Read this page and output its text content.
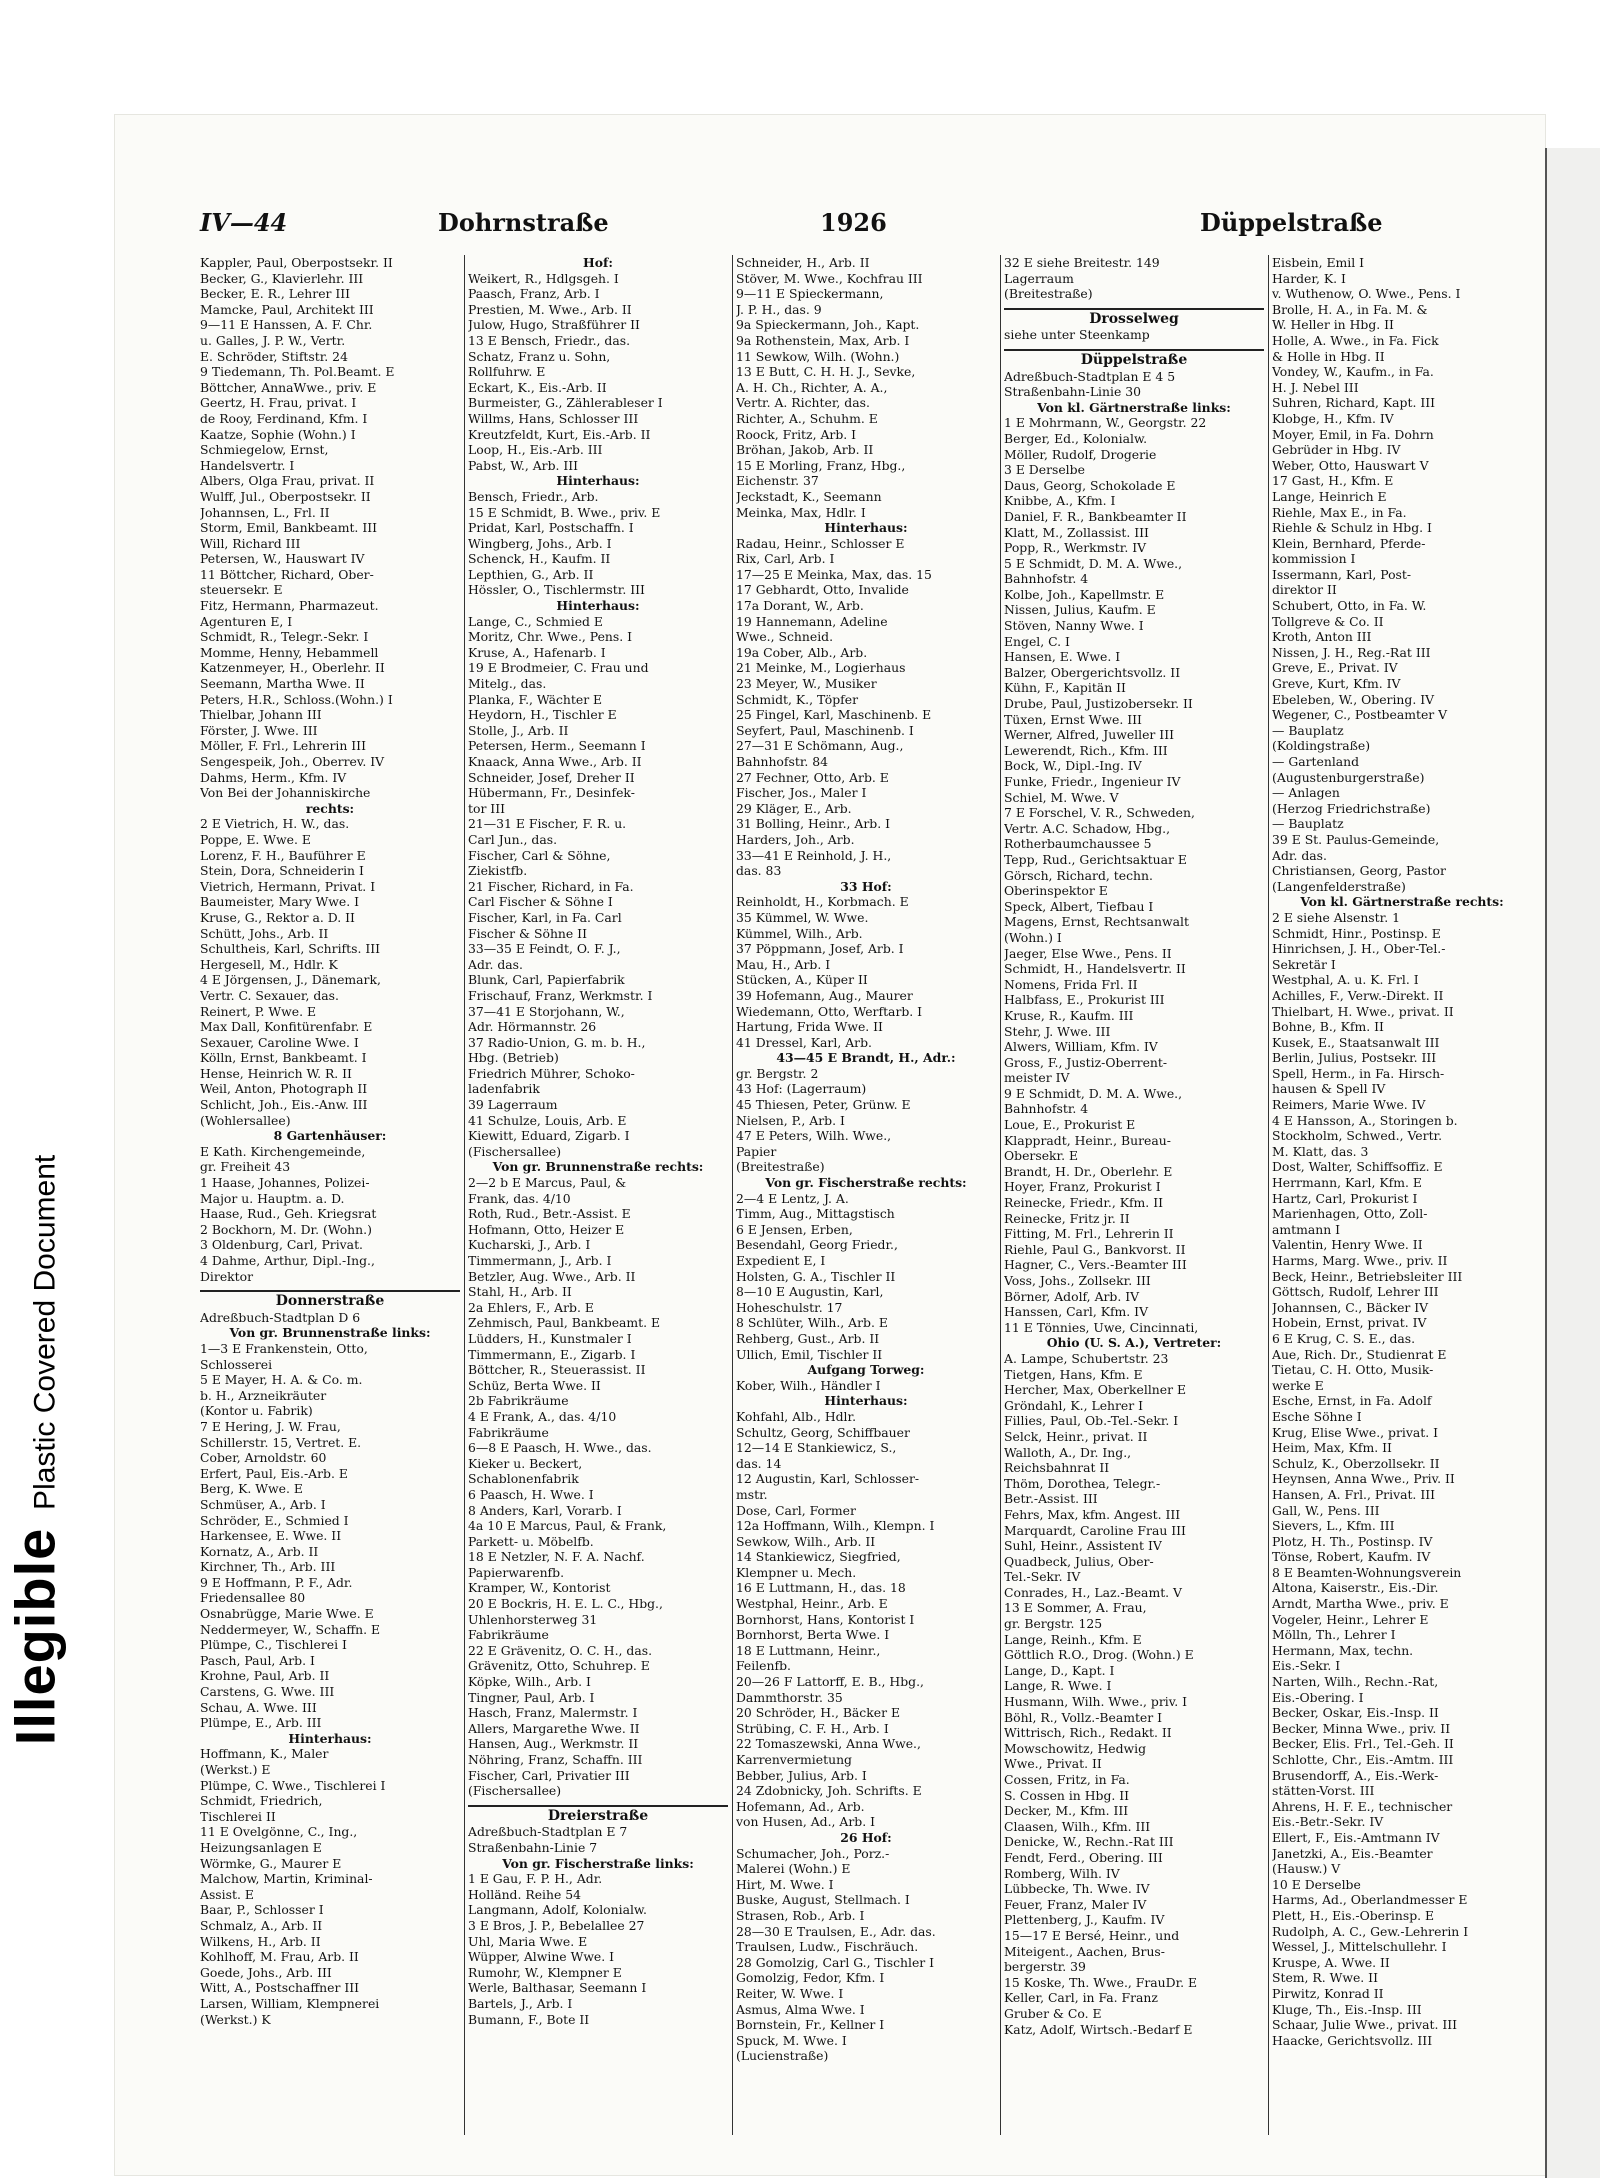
Illegible    Plastic Covered Document
IV—44	Dohrnstraße	1926	Düppelstraße
Kappler, Paul, Oberpostsekr. II
Becker, G., Klavierlehr. III
Becker, E. R., Lehrer III
Mamcke, Paul, Architekt III
9—11 E Hanssen, A. F. Chr.
u. Galles, J. P. W., Vertr.
E. Schröder, Stiftstr. 24
9 Tiedemann, Th. Pol.Beamt. E
Böttcher, AnnaWwe., priv. E
Geertz, H. Frau, privat. I
de Rooy, Ferdinand, Kfm. I
Kaatze, Sophie (Wohn.) I
Schmiegelow, Ernst,
Handelsvertr. I
Albers, Olga Frau, privat. II
Wulff, Jul., Oberpostsekr. II
Johannsen, L., Frl. II
Storm, Emil, Bankbeamt. III
Will, Richard III
Petersen, W., Hauswart IV
11 Böttcher, Richard, Ober-
steuersekr. E
Fitz, Hermann, Pharmazeut.
Agenturen E, I
Schmidt, R., Telegr.-Sekr. I
Momme, Henny, Hebammell
Katzenmeyer, H., Oberlehr. II
Seemann, Martha Wwe. II
Peters, H.R., Schloss.(Wohn.) I
Thielbar, Johann III
Förster, J. Wwe. III
Möller, F. Frl., Lehrerin III
Sengespeik, Joh., Oberrev. IV
Dahms, Herm., Kfm. IV
Von Bei der Johanniskirche
rechts:
2 E Vietrich, H. W., das.
Poppe, E. Wwe. E
Lorenz, F. H., Bauführer E
Stein, Dora, Schneiderin I
Vietrich, Hermann, Privat. I
Baumeister, Mary Wwe. I
Kruse, G., Rektor a. D. II
Schütt, Johs., Arb. II
Schultheis, Karl, Schrifts. III
Hergesell, M., Hdlr. K
4 E Jörgensen, J., Dänemark,
Vertr. C. Sexauer, das.
Reinert, P. Wwe. E
Max Dall, Konfitürenfabr. E
Sexauer, Caroline Wwe. I
Kölln, Ernst, Bankbeamt. I
Hense, Heinrich W. R. II
Weil, Anton, Photograph II
Schlicht, Joh., Eis.-Anw. III
(Wohlersallee)
8 Gartenhäuser:
E Kath. Kirchengemeinde,
gr. Freiheit 43
1 Haase, Johannes, Polizei-
Major u. Hauptm. a. D.
Haase, Rud., Geh. Kriegsrat
2 Bockhorn, M. Dr. (Wohn.)
3 Oldenburg, Carl, Privat.
4 Dahme, Arthur, Dipl.-Ing.,
Direktor
Donnerstraße
Adreßbuch-Stadtplan D 6
Von gr. Brunnenstraße links:
1—3 E Frankenstein, Otto,
Schlosserei
5 E Mayer, H. A. & Co. m.
b. H., Arzneikräuter
(Kontor u. Fabrik)
7 E Hering, J. W. Frau,
Schillerstr. 15, Vertret. E.
Cober, Arnoldstr. 60
Erfert, Paul, Eis.-Arb. E
Berg, K. Wwe. E
Schmüser, A., Arb. I
Schröder, E., Schmied I
Harkensee, E. Wwe. II
Kornatz, A., Arb. II
Kirchner, Th., Arb. III
9 E Hoffmann, P. F., Adr.
Friedensallee 80
Osnabrügge, Marie Wwe. E
Neddermeyer, W., Schaffn. E
Plümpe, C., Tischlerei I
Pasch, Paul, Arb. I
Krohne, Paul, Arb. II
Carstens, G. Wwe. III
Schau, A. Wwe. III
Plümpe, E., Arb. III
Hinterhaus:
Hoffmann, K., Maler
(Werkst.) E
Plümpe, C. Wwe., Tischlerei I
Schmidt, Friedrich,
Tischlerei II
11 E Ovelgönne, C., Ing.,
Heizungsanlagen E
Wörmke, G., Maurer E
Malchow, Martin, Kriminal-
Assist. E
Baar, P., Schlosser I
Schmalz, A., Arb. II
Wilkens, H., Arb. II
Kohlhoff, M. Frau, Arb. II
Goede, Johs., Arb. III
Witt, A., Postschaffner III
Larsen, William, Klempnerei
(Werkst.) K
Hof:
Weikert, R., Hdlgsgeh. I
Paasch, Franz, Arb. I
Prestien, M. Wwe., Arb. II
Julow, Hugo, Straßführer II
13 E Bensch, Friedr., das.
Schatz, Franz u. Sohn,
Rollfuhrw. E
Eckart, K., Eis.-Arb. II
Burmeister, G., Zählerableser I
Willms, Hans, Schlosser III
Kreutzfeldt, Kurt, Eis.-Arb. II
Loop, H., Eis.-Arb. III
Pabst, W., Arb. III
Hinterhaus:
Bensch, Friedr., Arb.
15 E Schmidt, B. Wwe., priv. E
Pridat, Karl, Postschaffn. I
Wingberg, Johs., Arb. I
Schenck, H., Kaufm. II
Lepthien, G., Arb. II
Hössler, O., Tischlermstr. III
Hinterhaus:
Lange, C., Schmied E
Moritz, Chr. Wwe., Pens. I
Kruse, A., Hafenarb. I
19 E Brodmeier, C. Frau und
Mitelg., das.
Planka, F., Wächter E
Heydorn, H., Tischler E
Stolle, J., Arb. II
Petersen, Herm., Seemann I
Knaack, Anna Wwe., Arb. II
Schneider, Josef, Dreher II
Hübermann, Fr., Desinfek-
tor III
21—31 E Fischer, F. R. u.
Carl Jun., das.
Fischer, Carl & Söhne,
Ziekistfb.
21 Fischer, Richard, in Fa.
Carl Fischer & Söhne I
Fischer, Karl, in Fa. Carl
Fischer & Söhne II
33—35 E Feindt, O. F. J.,
Adr. das.
Blunk, Carl, Papierfabrik
Frischauf, Franz, Werkmstr. I
37—41 E Storjohann, W.,
Adr. Hörmannstr. 26
37 Radio-Union, G. m. b. H.,
Hbg. (Betrieb)
Friedrich Mührer, Schoko-
ladenfabrik
39 Lagerraum
41 Schulze, Louis, Arb. E
Kiewitt, Eduard, Zigarb. I
(Fischersallee)
Von gr. Brunnenstraße rechts:
2—2 b E Marcus, Paul, &
Frank, das. 4/10
Roth, Rud., Betr.-Assist. E
Hofmann, Otto, Heizer E
Kucharski, J., Arb. I
Timmermann, J., Arb. I
Betzler, Aug. Wwe., Arb. II
Stahl, H., Arb. II
2a Ehlers, F., Arb. E
Zehmisch, Paul, Bankbeamt. E
Lüdders, H., Kunstmaler I
Timmermann, E., Zigarb. I
Böttcher, R., Steuerassist. II
Schüz, Berta Wwe. II
2b Fabrikräume
4 E Frank, A., das. 4/10
Fabrikräume
6—8 E Paasch, H. Wwe., das.
Kieker u. Beckert,
Schablonenfabrik
6 Paasch, H. Wwe. I
8 Anders, Karl, Vorarb. I
4a 10 E Marcus, Paul, & Frank,
Parkett- u. Möbelfb.
18 E Netzler, N. F. A. Nachf.
Papierwarenfb.
Kramper, W., Kontorist
20 E Bockris, H. E. L. C., Hbg.,
Uhlenhorsterweg 31
Fabrikräume
22 E Grävenitz, O. C. H., das.
Grävenitz, Otto, Schuhrep. E
Köpke, Wilh., Arb. I
Tingner, Paul, Arb. I
Hasch, Franz, Malermstr. I
Allers, Margarethe Wwe. II
Hansen, Aug., Werkmstr. II
Nöhring, Franz, Schaffn. III
Fischer, Carl, Privatier III
(Fischersallee)
Dreierstraße
Adreßbuch-Stadtplan E 7
Straßenbahn-Linie 7
Von gr. Fischerstraße links:
1 E Gau, F. P. H., Adr.
Holländ. Reihe 54
Langmann, Adolf, Kolonialw.
3 E Bros, J. P., Bebelallee 27
Uhl, Maria Wwe. E
Wüpper, Alwine Wwe. I
Rumohr, W., Klempner E
Werle, Balthasar, Seemann I
Bartels, J., Arb. I
Bumann, F., Bote II
Schneider, H., Arb. II
Stöver, M. Wwe., Kochfrau III
9—11 E Spieckermann,
J. P. H., das. 9
9a Spieckermann, Joh., Kapt.
9a Rothenstein, Max, Arb. I
11 Sewkow, Wilh. (Wohn.)
13 E Butt, C. H. H. J., Sevke,
A. H. Ch., Richter, A. A.,
Vertr. A. Richter, das.
Richter, A., Schuhm. E
Roock, Fritz, Arb. I
Bröhan, Jakob, Arb. II
15 E Morling, Franz, Hbg.,
Eichenstr. 37
Jeckstadt, K., Seemann
Meinka, Max, Hdlr. I
Hinterhaus:
Radau, Heinr., Schlosser E
Rix, Carl, Arb. I
17—25 E Meinka, Max, das. 15
17 Gebhardt, Otto, Invalide
17a Dorant, W., Arb.
19 Hannemann, Adeline
Wwe., Schneid.
19a Cober, Alb., Arb.
21 Meinke, M., Logierhaus
23 Meyer, W., Musiker
Schmidt, K., Töpfer
25 Fingel, Karl, Maschinenb. E
Seyfert, Paul, Maschinenb. I
27—31 E Schömann, Aug.,
Bahnhofstr. 84
27 Fechner, Otto, Arb. E
Fischer, Jos., Maler I
29 Kläger, E., Arb.
31 Bolling, Heinr., Arb. I
Harders, Joh., Arb.
33—41 E Reinhold, J. H.,
das. 83
33 Hof:
Reinholdt, H., Korbmach. E
35 Kümmel, W. Wwe.
Kümmel, Wilh., Arb.
37 Pöppmann, Josef, Arb. I
Mau, H., Arb. I
Stücken, A., Küper II
39 Hofemann, Aug., Maurer
Wiedemann, Otto, Werftarb. I
Hartung, Frida Wwe. II
41 Dressel, Karl, Arb.
43—45 E Brandt, H., Adr.:
gr. Bergstr. 2
43 Hof: (Lagerraum)
45 Thiesen, Peter, Grünw. E
Nielsen, P., Arb. I
47 E Peters, Wilh. Wwe.,
Papier
(Breitestraße)
Von gr. Fischerstraße rechts:
2—4 E Lentz, J. A.
Timm, Aug., Mittagstisch
6 E Jensen, Erben,
Besendahl, Georg Friedr.,
Expedient E, I
Holsten, G. A., Tischler II
8—10 E Augustin, Karl,
Hoheschulstr. 17
8 Schlüter, Wilh., Arb. E
Rehberg, Gust., Arb. II
Ullich, Emil, Tischler II
Aufgang Torweg:
Kober, Wilh., Händler I
Hinterhaus:
Kohfahl, Alb., Hdlr.
Schultz, Georg, Schiffbauer
12—14 E Stankiewicz, S.,
das. 14
12 Augustin, Karl, Schlosser-
mstr.
Dose, Carl, Former
12a Hoffmann, Wilh., Klempn. I
Sewkow, Wilh., Arb. II
14 Stankiewicz, Siegfried,
Klempner u. Mech.
16 E Luttmann, H., das. 18
Westphal, Heinr., Arb. E
Bornhorst, Hans, Kontorist I
Bornhorst, Berta Wwe. I
18 E Luttmann, Heinr.,
Feilenfb.
20—26 F Lattorff, E. B., Hbg.,
Dammthorstr. 35
20 Schröder, H., Bäcker E
Strübing, C. F. H., Arb. I
22 Tomaszewski, Anna Wwe.,
Karrenvermietung
Bebber, Julius, Arb. I
24 Zdobnicky, Joh. Schrifts. E
Hofemann, Ad., Arb.
von Husen, Ad., Arb. I
26 Hof:
Schumacher, Joh., Porz.-
Malerei (Wohn.) E
Hirt, M. Wwe. I
Buske, August, Stellmach. I
Strasen, Rob., Arb. I
28—30 E Traulsen, E., Adr. das.
Traulsen, Ludw., Fischräuch.
28 Gomolzig, Carl G., Tischler I
Gomolzig, Fedor, Kfm. I
Reiter, W. Wwe. I
Asmus, Alma Wwe. I
Bornstein, Fr., Kellner I
Spuck, M. Wwe. I
(Lucienstraße)
32 E siehe Breitestr. 149
Lagerraum
(Breitestraße)
Drosselweg
siehe unter Steenkamp
Düppelstraße
Adreßbuch-Stadtplan E 4 5
Straßenbahn-Linie 30
Von kl. Gärtnerstraße links:
1 E Mohrmann, W., Georgstr. 22
Berger, Ed., Kolonialw.
Möller, Rudolf, Drogerie
3 E Derselbe
Daus, Georg, Schokolade E
Knibbe, A., Kfm. I
Daniel, F. R., Bankbeamter II
Klatt, M., Zollassist. III
Popp, R., Werkmstr. IV
5 E Schmidt, D. M. A. Wwe.,
Bahnhofstr. 4
Kolbe, Joh., Kapellmstr. E
Nissen, Julius, Kaufm. E
Stöven, Nanny Wwe. I
Engel, C. I
Hansen, E. Wwe. I
Balzer, Obergerichtsvollz. II
Kühn, F., Kapitän II
Drube, Paul, Justizobersekr. II
Tüxen, Ernst Wwe. III
Werner, Alfred, Juweller III
Lewerendt, Rich., Kfm. III
Bock, W., Dipl.-Ing. IV
Funke, Friedr., Ingenieur IV
Schiel, M. Wwe. V
7 E Forschel, V. R., Schweden,
Vertr. A.C. Schadow, Hbg.,
Rotherbaumchaussee 5
Tepp, Rud., Gerichtsaktuar E
Görsch, Richard, techn.
Oberinspektor E
Speck, Albert, Tiefbau I
Magens, Ernst, Rechtsanwalt
(Wohn.) I
Jaeger, Else Wwe., Pens. II
Schmidt, H., Handelsvertr. II
Nomens, Frida Frl. II
Halbfass, E., Prokurist III
Kruse, R., Kaufm. III
Stehr, J. Wwe. III
Alwers, William, Kfm. IV
Gross, F., Justiz-Oberrent-
meister IV
9 E Schmidt, D. M. A. Wwe.,
Bahnhofstr. 4
Loue, E., Prokurist E
Klappradt, Heinr., Bureau-
Obersekr. E
Brandt, H. Dr., Oberlehr. E
Hoyer, Franz, Prokurist I
Reinecke, Friedr., Kfm. II
Reinecke, Fritz jr. II
Fitting, M. Frl., Lehrerin II
Riehle, Paul G., Bankvorst. II
Hagner, C., Vers.-Beamter III
Voss, Johs., Zollsekr. III
Börner, Adolf, Arb. IV
Hanssen, Carl, Kfm. IV
11 E Tönnies, Uwe, Cincinnati,
Ohio (U. S. A.), Vertreter:
A. Lampe, Schubertstr. 23
Tietgen, Hans, Kfm. E
Hercher, Max, Oberkellner E
Gröndahl, K., Lehrer I
Fillies, Paul, Ob.-Tel.-Sekr. I
Selck, Heinr., privat. II
Walloth, A., Dr. Ing.,
Reichsbahnrat II
Thöm, Dorothea, Telegr.-
Betr.-Assist. III
Fehrs, Max, kfm. Angest. III
Marquardt, Caroline Frau III
Suhl, Heinr., Assistent IV
Quadbeck, Julius, Ober-
Tel.-Sekr. IV
Conrades, H., Laz.-Beamt. V
13 E Sommer, A. Frau,
gr. Bergstr. 125
Lange, Reinh., Kfm. E
Göttlich R.O., Drog. (Wohn.) E
Lange, D., Kapt. I
Lange, R. Wwe. I
Husmann, Wilh. Wwe., priv. I
Böhl, R., Vollz.-Beamter I
Wittrisch, Rich., Redakt. II
Mowschowitz, Hedwig
Wwe., Privat. II
Cossen, Fritz, in Fa.
S. Cossen in Hbg. II
Decker, M., Kfm. III
Claasen, Wilh., Kfm. III
Denicke, W., Rechn.-Rat III
Fendt, Ferd., Obering. III
Romberg, Wilh. IV
Lübbecke, Th. Wwe. IV
Feuer, Franz, Maler IV
Plettenberg, J., Kaufm. IV
15—17 E Bersé, Heinr., und
Miteigent., Aachen, Brus-
bergerstr. 39
15 Koske, Th. Wwe., FrauDr. E
Keller, Carl, in Fa. Franz
Gruber & Co. E
Katz, Adolf, Wirtsch.-Bedarf E
Eisbein, Emil I
Harder, K. I
v. Wuthenow, O. Wwe., Pens. I
Brolle, H. A., in Fa. M. &
W. Heller in Hbg. II
Holle, A. Wwe., in Fa. Fick
& Holle in Hbg. II
Vondey, W., Kaufm., in Fa.
H. J. Nebel III
Suhren, Richard, Kapt. III
Klobge, H., Kfm. IV
Moyer, Emil, in Fa. Dohrn
Gebrüder in Hbg. IV
Weber, Otto, Hauswart V
17 Gast, H., Kfm. E
Lange, Heinrich E
Riehle, Max E., in Fa.
Riehle & Schulz in Hbg. I
Klein, Bernhard, Pferde-
kommission I
Issermann, Karl, Post-
direktor II
Schubert, Otto, in Fa. W.
Tollgreve & Co. II
Kroth, Anton III
Nissen, J. H., Reg.-Rat III
Greve, E., Privat. IV
Greve, Kurt, Kfm. IV
Ebeleben, W., Obering. IV
Wegener, C., Postbeamter V
— Bauplatz
(Koldingstraße)
— Gartenland
(Augustenburgerstraße)
— Anlagen
(Herzog Friedrichstraße)
— Bauplatz
39 E St. Paulus-Gemeinde,
Adr. das.
Christiansen, Georg, Pastor
(Langenfelderstraße)
Von kl. Gärtnerstraße rechts:
2 E siehe Alsenstr. 1
Schmidt, Hinr., Postinsp. E
Hinrichsen, J. H., Ober-Tel.-
Sekretär I
Westphal, A. u. K. Frl. I
Achilles, F., Verw.-Direkt. II
Thielbart, H. Wwe., privat. II
Bohne, B., Kfm. II
Kusek, E., Staatsanwalt III
Berlin, Julius, Postsekr. III
Spell, Herm., in Fa. Hirsch-
hausen & Spell IV
Reimers, Marie Wwe. IV
4 E Hansson, A., Storingen b.
Stockholm, Schwed., Vertr.
M. Klatt, das. 3
Dost, Walter, Schiffsoffiz. E
Herrmann, Karl, Kfm. E
Hartz, Carl, Prokurist I
Marienhagen, Otto, Zoll-
amtmann I
Valentin, Henry Wwe. II
Harms, Marg. Wwe., priv. II
Beck, Heinr., Betriebsleiter III
Göttsch, Rudolf, Lehrer III
Johannsen, C., Bäcker IV
Hobein, Ernst, privat. IV
6 E Krug, C. S. E., das.
Aue, Rich. Dr., Studienrat E
Tietau, C. H. Otto, Musik-
werke E
Esche, Ernst, in Fa. Adolf
Esche Söhne I
Krug, Elise Wwe., privat. I
Heim, Max, Kfm. II
Schulz, K., Oberzollsekr. II
Heynsen, Anna Wwe., Priv. II
Hansen, A. Frl., Privat. III
Gall, W., Pens. III
Sievers, L., Kfm. III
Plotz, H. Th., Postinsp. IV
Tönse, Robert, Kaufm. IV
8 E Beamten-Wohnungsverein
Altona, Kaiserstr., Eis.-Dir.
Arndt, Martha Wwe., priv. E
Vogeler, Heinr., Lehrer E
Mölln, Th., Lehrer I
Hermann, Max, techn.
Eis.-Sekr. I
Narten, Wilh., Rechn.-Rat,
Eis.-Obering. I
Becker, Oskar, Eis.-Insp. II
Becker, Minna Wwe., priv. II
Becker, Elis. Frl., Tel.-Geh. II
Schlotte, Chr., Eis.-Amtm. III
Brusendorff, A., Eis.-Werk-
stätten-Vorst. III
Ahrens, H. F. E., technischer
Eis.-Betr.-Sekr. IV
Ellert, F., Eis.-Amtmann IV
Janetzki, A., Eis.-Beamter
(Hausw.) V
10 E Derselbe
Harms, Ad., Oberlandmesser E
Plett, H., Eis.-Oberinsp. E
Rudolph, A. C., Gew.-Lehrerin I
Wessel, J., Mittelschullehr. I
Kruspe, A. Wwe. II
Stem, R. Wwe. II
Pirwitz, Konrad II
Kluge, Th., Eis.-Insp. III
Schaar, Julie Wwe., privat. III
Haacke, Gerichtsvollz. III
